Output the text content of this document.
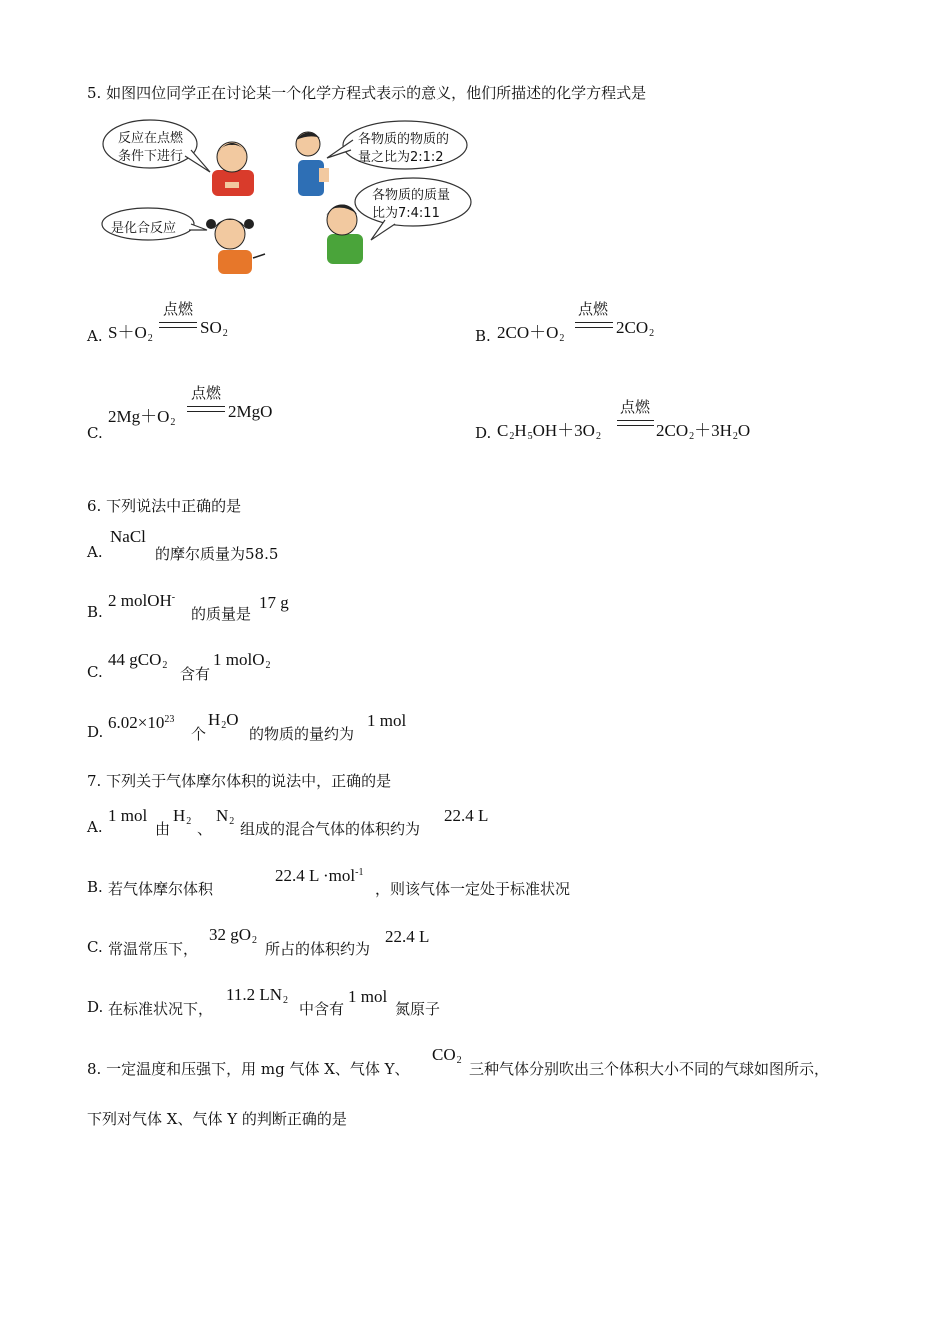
5. 如图四位同学正在讨论某一个化学方程式表示的意义，他们所描述的化学方程式是
反应在点燃
条件下进行
各物质的物质的
量之比为2:1:2
各物质的质量
比为7:4:11
是化合反应
A. $S+O_2$
点燃
$SO_2$	B. $2CO+O_2$
点燃
$2CO_2$
C.
$2Mg+O_2$
点燃
2MgO
D. $C_2H_5OH+3O_2$
点燃
$2CO_2+3H_2O$
6. 下列说法中正确的是
A.
NaCl
的摩尔质量为58.5
B.
2 molOH-
的质量是
17 g
C.
44 gCO$_2$ 含有
1 molO$_2$
D. $6.02\times 10^{23}$
个
$H_2O$
的物质的量约为
1 mol
7. 下列关于气体摩尔体积的说法中，正确的是
A.
1 mol
由
$H_2$ 、
$N_2$ 组成的混合气体的体积约为
22.4 L
B. 若气体摩尔体积
22.4 L ·mol$^{-1}$
，则该气体一定处于标准状况
C. 常温常压下，
32 $gO_2$ 所占的体积约为
22.4 L
D. 在标准状况下，
11.2 $LN_2$ 中含有
1 mol
氮原子
8. 一定温度和压强下，用 mg 气体 X、气体 Y、
$CO_2$ 三种气体分别吹出三个体积大小不同的气球如图所示，
下列对气体 X、气体 Y 的判断正确的是
